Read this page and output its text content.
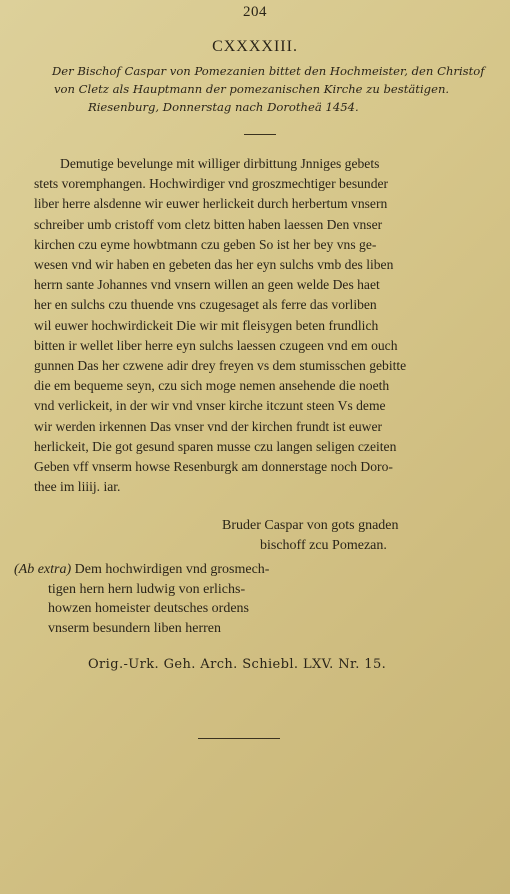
204
CXXXXIII.
Der Bischof Caspar von Pomezanien bittet den Hochmeister, den Christof
von Cletz als Hauptmann der pomezanischen Kirche zu bestätigen.
Riesenburg, Donnerstag nach Dorotheä 1454.
Demutige bevelunge mit williger dirbittung Jnniges gebets
stets voremphangen. Hochwirdiger vnd groszmechtiger besunder
liber herre alsdenne wir euwer herlickeit durch herbertum vnsern
schreiber umb cristoff vom cletz bitten haben laessen Den vnser
kirchen czu eyme howbtmann czu geben So ist her bey vns ge-
wesen vnd wir haben en gebeten das her eyn sulchs vmb des liben
herrn sante Johannes vnd vnsern willen an geen welde Des haet
her en sulchs czu thuende vns czugesaget als ferre das vorliben
wil euwer hochwirdickeit Die wir mit fleisygen beten frundlich
bitten ir wellet liber herre eyn sulchs laessen czugeen vnd em ouch
gunnen Das her czwene adir drey freyen vs dem stumisschen gebitte
die em bequeme seyn, czu sich moge nemen ansehende die noeth
vnd verlickeit, in der wir vnd vnser kirche itczunt steen Vs deme
wir werden irkennen Das vnser vnd der kirchen frundt ist euwer
herlickeit, Die got gesund sparen musse czu langen seligen czeiten
Geben vff vnserm howse Resenburgk am donnerstage noch Doro-
thee im liiij. iar.
Bruder Caspar von gots gnaden
bischoff zcu Pomezan.
(Ab extra) Dem hochwirdigen vnd grosmech-
tigen hern hern ludwig von erlichs-
howzen homeister deutsches ordens
vnserm besundern liben herren
Orig.-Urk. Geh. Arch. Schiebl. LXV. Nr. 15.
